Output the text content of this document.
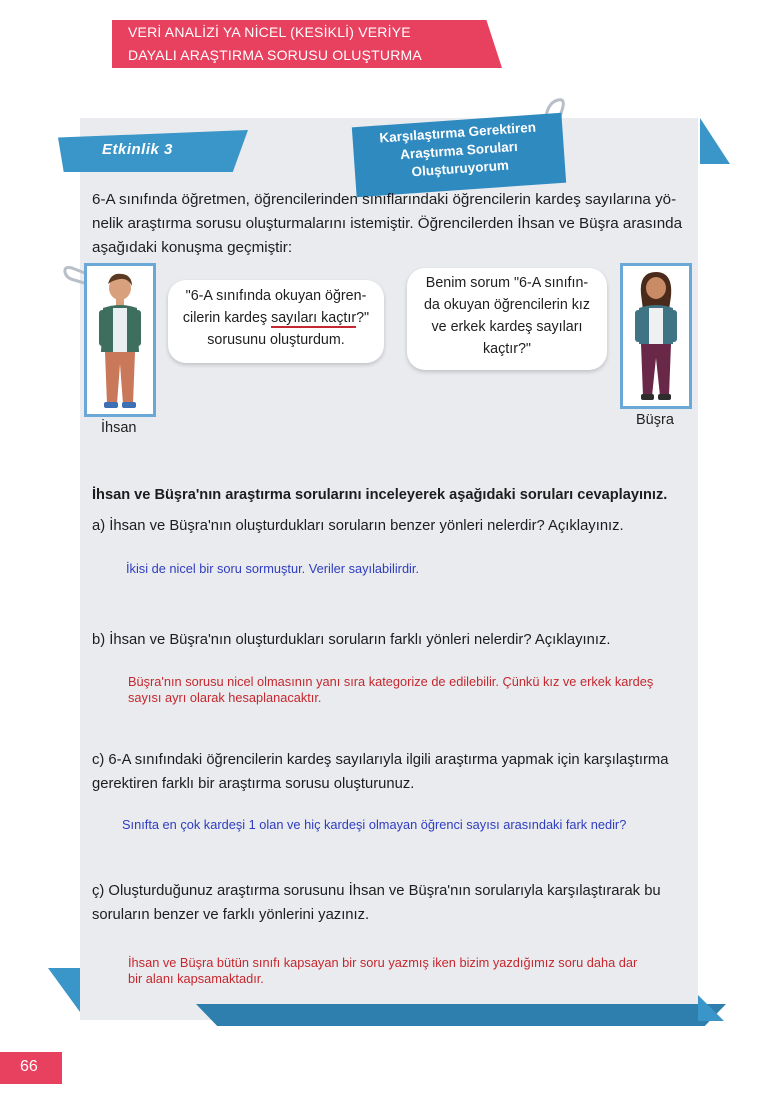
VERİ ANALİZİ YA NİCEL (KESİKLİ) VERİYE
DAYALI ARAŞTIRMA SORUSU OLUŞTURMA
Etkinlik 3
Karşılaştırma Gerektiren
Araştırma Soruları
Oluşturuyorum
6-A sınıfında öğretmen, öğrencilerinden sınıflarındaki öğrencilerin kardeş sayılarına yö-
nelik araştırma sorusu oluşturmalarını istemiştir. Öğrencilerden İhsan ve Büşra arasında
aşağıdaki konuşma geçmiştir:
İhsan
"6-A sınıfında okuyan öğren-
cilerin kardeş sayıları kaçtır?"
sorusunu oluşturdum.
Benim sorum "6-A sınıfın-
da okuyan öğrencilerin kız
ve erkek kardeş sayıları
kaçtır?"
Büşra
İhsan ve Büşra'nın araştırma sorularını inceleyerek aşağıdaki soruları cevaplayınız.
a) İhsan ve Büşra'nın oluşturdukları soruların benzer yönleri nelerdir? Açıklayınız.
İkisi de nicel bir soru sormuştur. Veriler sayılabilirdir.
b) İhsan ve Büşra'nın oluşturdukları soruların farklı yönleri nelerdir? Açıklayınız.
Büşra'nın sorusu nicel olmasının yanı sıra kategorize de edilebilir. Çünkü kız ve erkek kardeş
sayısı ayrı olarak hesaplanacaktır.
c) 6-A sınıfındaki öğrencilerin kardeş sayılarıyla ilgili araştırma yapmak için karşılaştırma
gerektiren farklı bir araştırma sorusu oluşturunuz.
Sınıfta en çok kardeşi 1 olan ve hiç kardeşi olmayan öğrenci sayısı arasındaki fark nedir?
ç) Oluşturduğunuz araştırma sorusunu İhsan ve Büşra'nın sorularıyla karşılaştırarak bu
soruların benzer ve farklı yönlerini yazınız.
İhsan ve Büşra bütün sınıfı kapsayan bir soru yazmış iken bizim yazdığımız soru daha dar
bir alanı kapsamaktadır.
66
